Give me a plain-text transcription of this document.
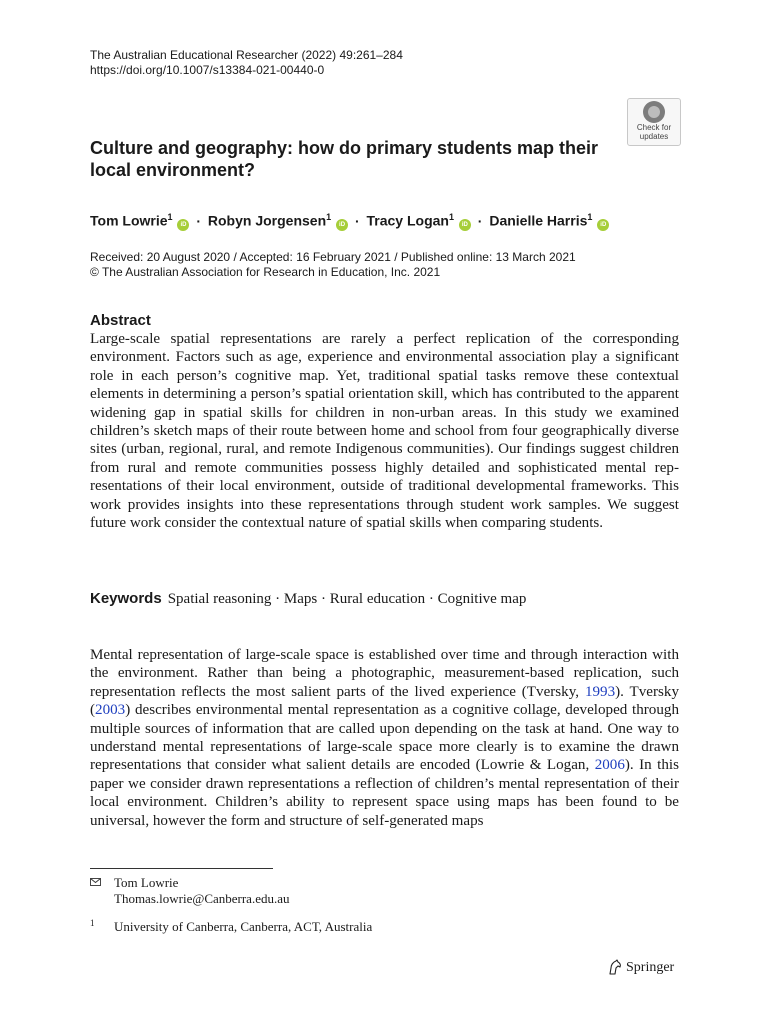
The Australian Educational Researcher (2022) 49:261–284
https://doi.org/10.1007/s13384-021-00440-0
Check for
updates
Culture and geography: how do primary students map their local environment?
Tom Lowrie$^1$ iD · Robyn Jorgensen$^1$ iD · Tracy Logan$^1$ iD · Danielle Harris$^1$ iD
Received: 20 August 2020 / Accepted: 16 February 2021 / Published online: 13 March 2021
© The Australian Association for Research in Education, Inc. 2021
Abstract

Large-scale spatial representations are rarely a perfect replication of the corresponding environment. Factors such as age, experience and environmental association play a significant role in each person’s cognitive map. Yet, traditional spatial tasks remove these contextual elements in determining a person’s spatial orientation skill, which has contributed to the apparent widening gap in spatial skills for children in non-urban areas. In this study we examined children’s sketch maps of their route between home and school from four geographically diverse sites (urban, regional, rural, and remote Indigenous communities). Our findings suggest children from rural and remote communities possess highly detailed and sophisticated mental representations of their local environment, outside of traditional developmental frameworks. This work provides insights into these representations through student work samples. We suggest future work consider the contextual nature of spatial skills when comparing students.

Keywords Spatial reasoning · Maps · Rural education · Cognitive map

Mental representation of large-scale space is established over time and through interaction with the environment. Rather than being a photographic, measurement-based replication, such representation reflects the most salient parts of the lived experience (Tversky, 1993). Tversky (2003) describes environmental mental representation as a cognitive collage, developed through multiple sources of information that are called upon depending on the task at hand. One way to understand mental representations of large-scale space more clearly is to examine the drawn representations that consider what salient details are encoded (Lowrie & Logan, 2006). In this paper we consider drawn representations a reflection of children’s mental representation of their local environment. Children’s ability to represent space using maps has been found to be universal, however the form and structure of self-generated maps

Tom Lowrie
Thomas.lowrie@Canberra.edu.au
1 University of Canberra, Canberra, ACT, Australia
Springer
